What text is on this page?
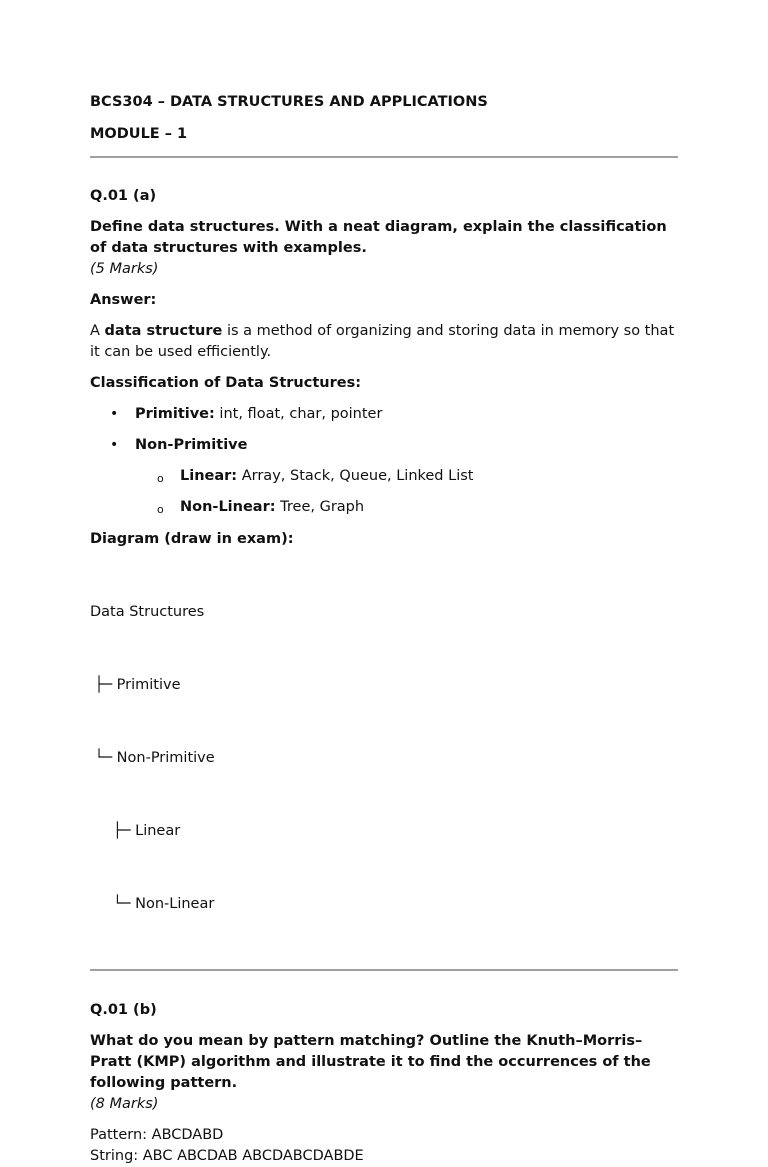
BCS304 – DATA STRUCTURES AND APPLICATIONS
MODULE – 1
Q.01 (a)
Define data structures. With a neat diagram, explain the classification of data structures with examples.
(5 Marks)
Answer:
A data structure is a method of organizing and storing data in memory so that it can be used efficiently.
Classification of Data Structures:
• Primitive: int, float, char, pointer
• Non-Primitive
o Linear: Array, Stack, Queue, Linked List
o Non-Linear: Tree, Graph
Diagram (draw in exam):

Data Structures

├─ Primitive

└─ Non-Primitive

├─ Linear

└─ Non-Linear

Q.01 (b)
What do you mean by pattern matching? Outline the Knuth–Morris–Pratt (KMP) algorithm and illustrate it to find the occurrences of the following pattern.
(8 Marks)
Pattern: ABCDABD
String: ABC ABCDAB ABCDABCDABDE
